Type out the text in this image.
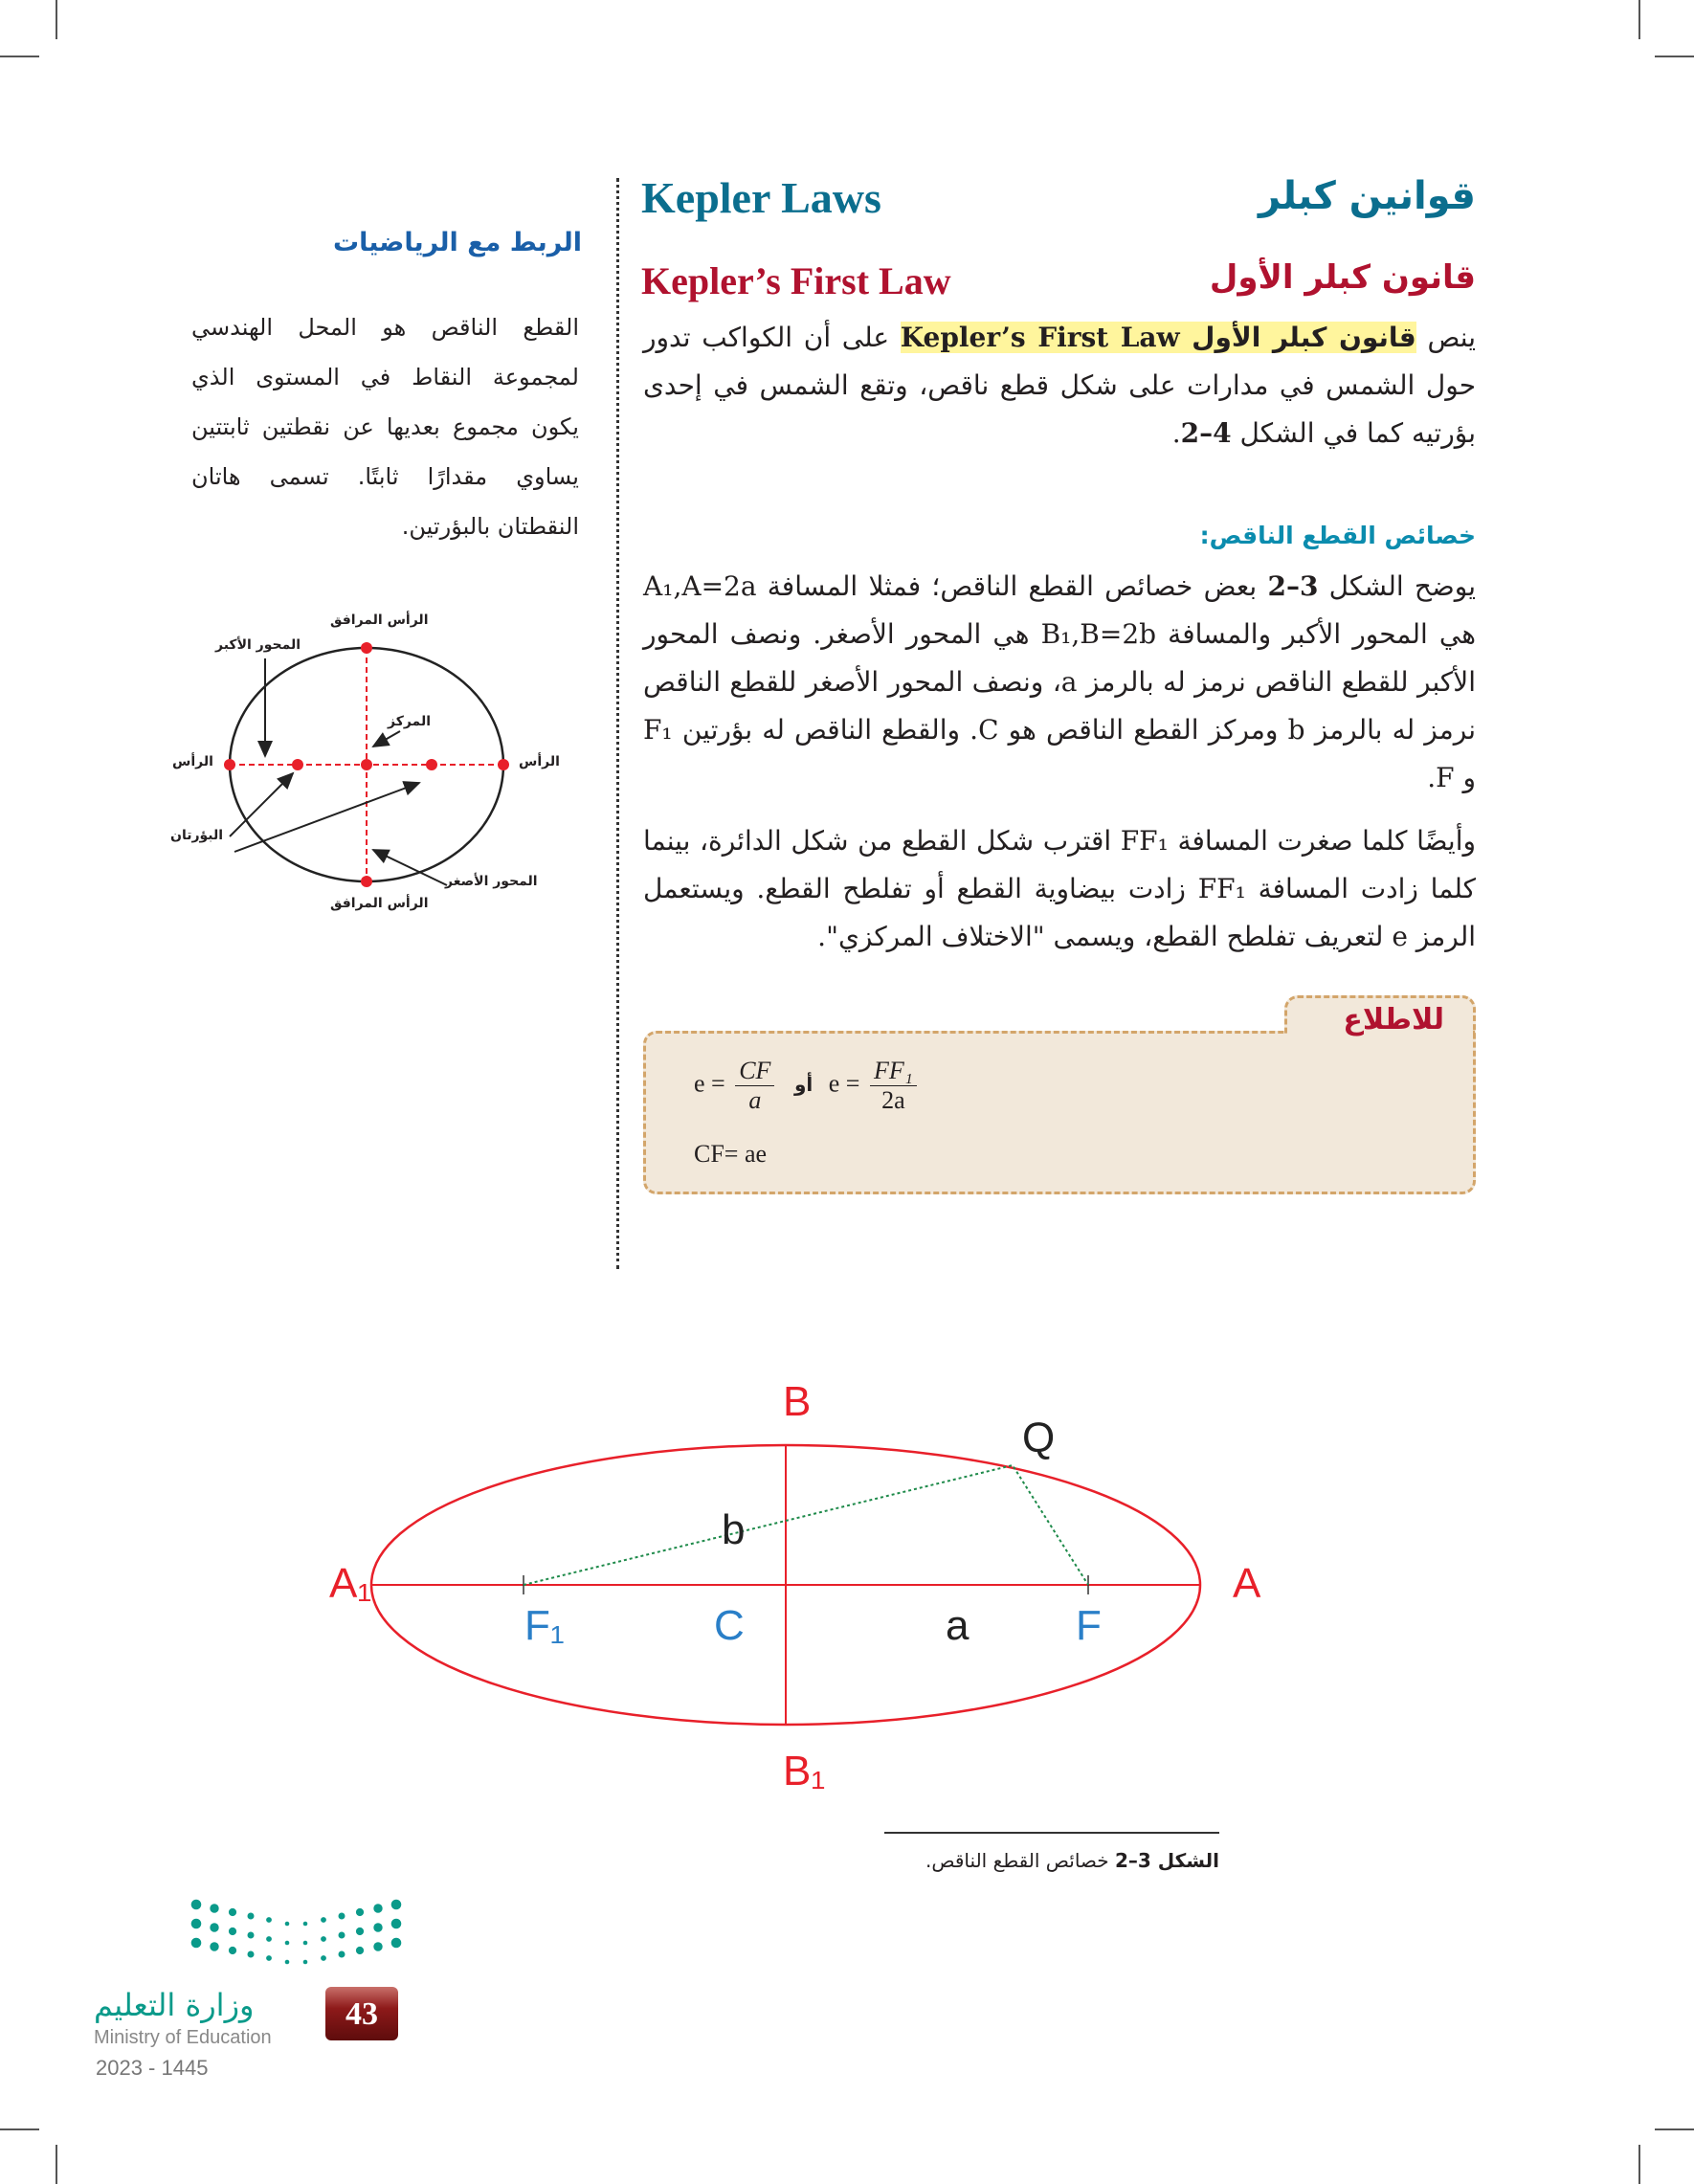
Kepler Laws	قوانين كبلر
Kepler’s First Law	قانون كبلر الأول

ينص قانون كبلر الأول Kepler’s First Law على أن الكواكب تدور حول الشمس في مدارات على شكل قطع ناقص، وتقع الشمس في إحدى بؤرتيه كما في الشكل 4–2.

خصائص القطع الناقص:

يوضح الشكل 3–2 بعض خصائص القطع الناقص؛ فمثلا المسافة A₁,A=2a هي المحور الأكبر والمسافة B₁,B=2b هي المحور الأصغر. ونصف المحور الأكبر للقطع الناقص نرمز له بالرمز a، ونصف المحور الأصغر للقطع الناقص نرمز له بالرمز b ومركز القطع الناقص هو C. والقطع الناقص له بؤرتين F₁ و F.

وأيضًا كلما صغرت المسافة FF₁ اقترب شكل القطع من شكل الدائرة، بينما كلما زادت المسافة FF₁ زادت بيضاوية القطع أو تفلطح القطع. ويستعمل الرمز e لتعريف تفلطح القطع، ويسمى "الاختلاف المركزي".

للاطلاع
$e = \frac{CF}{a}$ أو $e = \frac{\text{FF₁}}{2a}$
CF= ae
الربط مع الرياضيات
القطع الناقص هو المحل الهندسي لمجموعة النقاط في المستوى الذي يكون مجموع بعديها عن نقطتين ثابتتين يساوي مقدارًا ثابتًا. تسمى هاتان النقطتان بالبؤرتين.
الرأس المرافق
المحور الأكبر
المركز
الرأس	الرأس
البؤرتان
المحور الأصغر
الرأس المرافق
B
Q
b
A₁	A
F₁	C	a	F
B₁
الشكل 3–2 خصائص القطع الناقص.
وزارة التعليم
Ministry of Education
2023 - 1445
43
